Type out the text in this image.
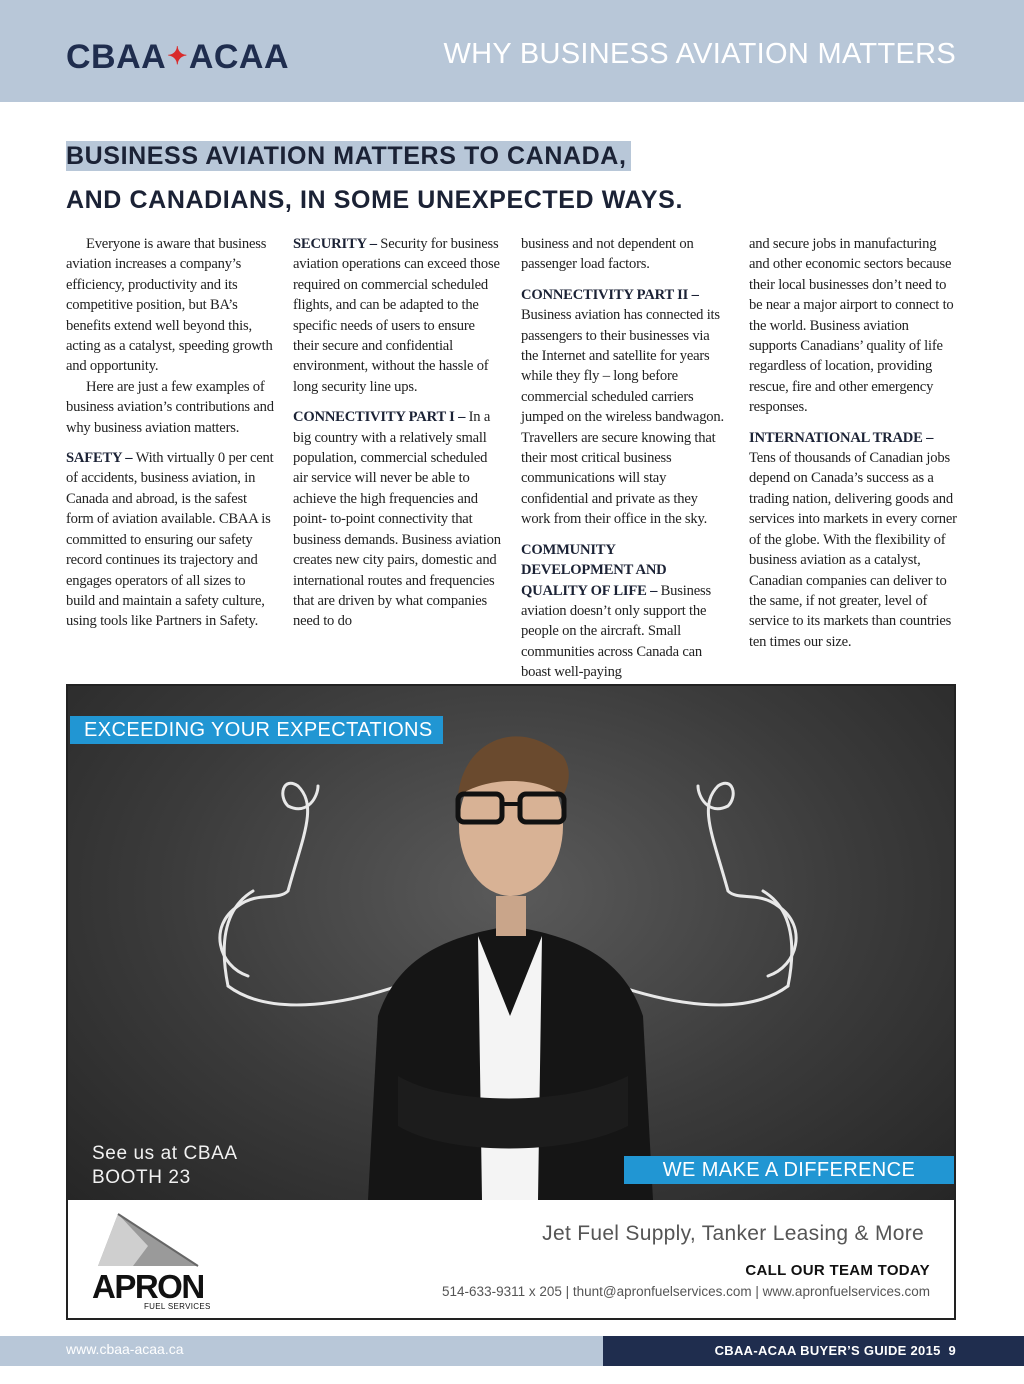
CBAA✦ACAA	WHY BUSINESS AVIATION MATTERS
BUSINESS AVIATION MATTERS TO CANADA,
AND CANADIANS, IN SOME UNEXPECTED WAYS.

Everyone is aware that business aviation increases a company’s efficiency, productivity and its competitive position, but BA’s benefits extend well beyond this, acting as a catalyst, speeding growth and opportunity.

Here are just a few examples of business aviation’s contributions and why business aviation matters.

SAFETY – With virtually 0 per cent of accidents, business aviation, in Canada and abroad, is the safest form of aviation available. CBAA is committed to ensuring our safety record continues its trajectory and engages operators of all sizes to build and maintain a safety culture, using tools like Partners in Safety.

SECURITY – Security for business aviation operations can exceed those required on commercial scheduled flights, and can be adapted to the specific needs of users to ensure their secure and confidential environment, without the hassle of long security line ups.

CONNECTIVITY PART I – In a big country with a relatively small population, commercial scheduled air service will never be able to achieve the high frequencies and point- to-point connectivity that business demands. Business aviation creates new city pairs, domestic and international routes and frequencies that are driven by what companies need to do

business and not dependent on passenger load factors.

CONNECTIVITY PART II – Business aviation has connected its passengers to their businesses via the Internet and satellite for years while they fly – long before commercial scheduled carriers jumped on the wireless bandwagon. Travellers are secure knowing that their most critical business communications will stay confidential and private as they work from their office in the sky.

COMMUNITY DEVELOPMENT AND QUALITY OF LIFE – Business aviation doesn’t only support the people on the aircraft. Small communities across Canada can boast well-paying

and secure jobs in manufacturing and other economic sectors because their local businesses don’t need to be near a major airport to connect to the world. Business aviation supports Canadians’ quality of life regardless of location, providing rescue, fire and other emergency responses.

INTERNATIONAL TRADE – Tens of thousands of Canadian jobs depend on Canada’s success as a trading nation, delivering goods and services into markets in every corner of the globe. With the flexibility of business aviation as a catalyst, Canadian companies can deliver to the same, if not greater, level of service to its markets than countries ten times our size.

EXCEEDING YOUR EXPECTATIONS
See us at CBAA
BOOTH 23	WE MAKE A DIFFERENCE
APRON
FUEL SERVICES
Jet Fuel Supply, Tanker Leasing & More
CALL OUR TEAM TODAY
514-633-9311 x 205 | thunt@apronfuelservices.com | www.apronfuelservices.com
www.cbaa-acaa.ca	CBAA-ACAA BUYER’S GUIDE 2015 9
